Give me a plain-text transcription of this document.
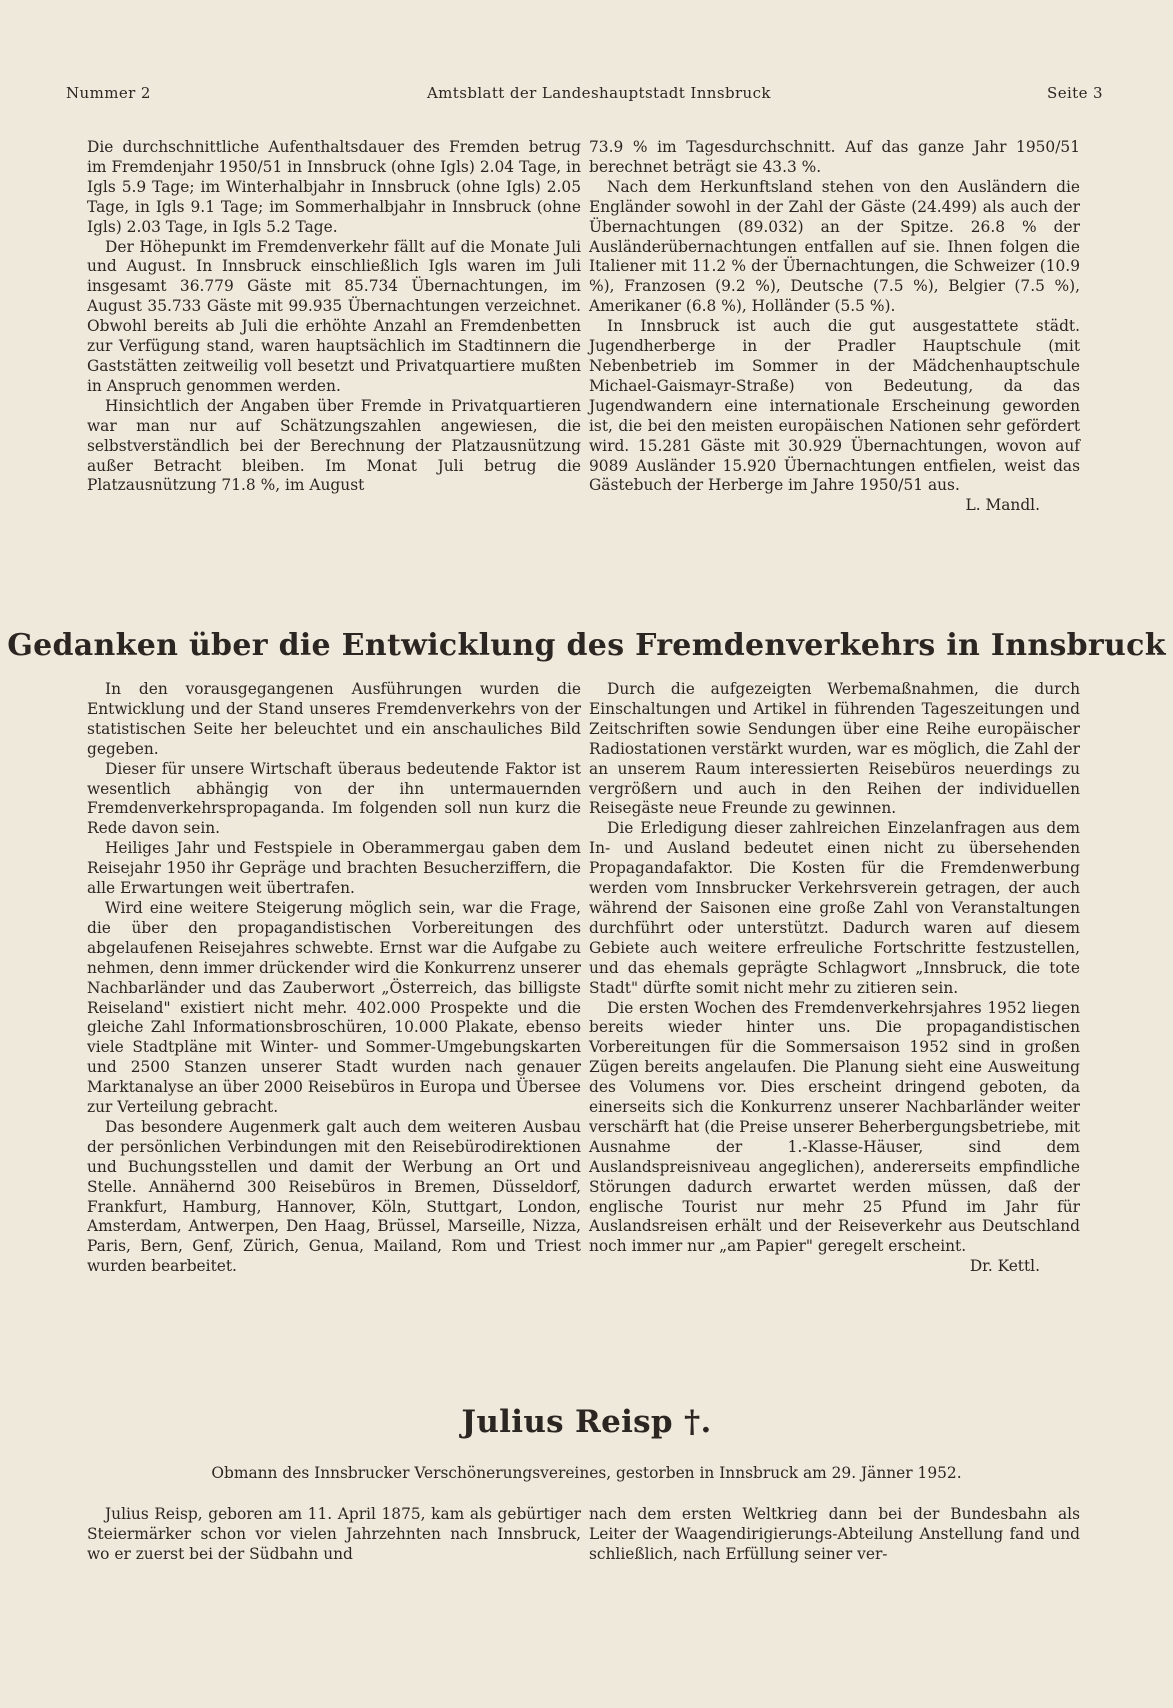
Nummer 2	Amtsblatt der Landeshauptstadt Innsbruck	Seite 3

Die durchschnittliche Aufenthaltsdauer des Fremden betrug im Fremdenjahr 1950/51 in Innsbruck (ohne Igls) 2.04 Tage, in Igls 5.9 Tage; im Winterhalbjahr in Innsbruck (ohne Igls) 2.05 Tage, in Igls 9.1 Tage; im Sommerhalbjahr in Innsbruck (ohne Igls) 2.03 Tage, in Igls 5.2 Tage.

Der Höhepunkt im Fremdenverkehr fällt auf die Monate Juli und August. In Innsbruck einschließlich Igls waren im Juli insgesamt 36.779 Gäste mit 85.734 Übernachtungen, im August 35.733 Gäste mit 99.935 Übernachtungen verzeichnet. Obwohl bereits ab Juli die erhöhte Anzahl an Fremdenbetten zur Verfügung stand, waren hauptsächlich im Stadtinnern die Gaststätten zeitweilig voll besetzt und Privatquartiere mußten in Anspruch genommen werden.

Hinsichtlich der Angaben über Fremde in Privatquartieren war man nur auf Schätzungszahlen angewiesen, die selbstverständlich bei der Berechnung der Platzausnützung außer Betracht bleiben. Im Monat Juli betrug die Platzausnützung 71.8 %, im August

73.9 % im Tagesdurchschnitt. Auf das ganze Jahr 1950/51 berechnet beträgt sie 43.3 %.

Nach dem Herkunftsland stehen von den Ausländern die Engländer sowohl in der Zahl der Gäste (24.499) als auch der Übernachtungen (89.032) an der Spitze. 26.8 % der Ausländerübernachtungen entfallen auf sie. Ihnen folgen die Italiener mit 11.2 % der Übernachtungen, die Schweizer (10.9 %), Franzosen (9.2 %), Deutsche (7.5 %), Belgier (7.5 %), Amerikaner (6.8 %), Holländer (5.5 %).

In Innsbruck ist auch die gut ausgestattete städt. Jugendherberge in der Pradler Hauptschule (mit Nebenbetrieb im Sommer in der Mädchenhauptschule Michael-Gaismayr-Straße) von Bedeutung, da das Jugendwandern eine internationale Erscheinung geworden ist, die bei den meisten europäischen Nationen sehr gefördert wird. 15.281 Gäste mit 30.929 Übernachtungen, wovon auf 9089 Ausländer 15.920 Übernachtungen entfielen, weist das Gästebuch der Herberge im Jahre 1950/51 aus.

L. Mandl.
Gedanken über die Entwicklung des Fremdenverkehrs in Innsbruck

In den vorausgegangenen Ausführungen wurden die Entwicklung und der Stand unseres Fremdenverkehrs von der statistischen Seite her beleuchtet und ein anschauliches Bild gegeben.

Dieser für unsere Wirtschaft überaus bedeutende Faktor ist wesentlich abhängig von der ihn untermauernden Fremdenverkehrspropaganda. Im folgenden soll nun kurz die Rede davon sein.

Heiliges Jahr und Festspiele in Oberammergau gaben dem Reisejahr 1950 ihr Gepräge und brachten Besucherziffern, die alle Erwartungen weit übertrafen.

Wird eine weitere Steigerung möglich sein, war die Frage, die über den propagandistischen Vorbereitungen des abgelaufenen Reisejahres schwebte. Ernst war die Aufgabe zu nehmen, denn immer drückender wird die Konkurrenz unserer Nachbarländer und das Zauberwort „Österreich, das billigste Reiseland" existiert nicht mehr. 402.000 Prospekte und die gleiche Zahl Informationsbroschüren, 10.000 Plakate, ebenso viele Stadtpläne mit Winter- und Sommer-Umgebungskarten und 2500 Stanzen unserer Stadt wurden nach genauer Marktanalyse an über 2000 Reisebüros in Europa und Übersee zur Verteilung gebracht.

Das besondere Augenmerk galt auch dem weiteren Ausbau der persönlichen Verbindungen mit den Reisebürodirektionen und Buchungsstellen und damit der Werbung an Ort und Stelle. Annähernd 300 Reisebüros in Bremen, Düsseldorf, Frankfurt, Hamburg, Hannover, Köln, Stuttgart, London, Amsterdam, Antwerpen, Den Haag, Brüssel, Marseille, Nizza, Paris, Bern, Genf, Zürich, Genua, Mailand, Rom und Triest wurden bearbeitet.

Durch die aufgezeigten Werbemaßnahmen, die durch Einschaltungen und Artikel in führenden Tageszeitungen und Zeitschriften sowie Sendungen über eine Reihe europäischer Radiostationen verstärkt wurden, war es möglich, die Zahl der an unserem Raum interessierten Reisebüros neuerdings zu vergrößern und auch in den Reihen der individuellen Reisegäste neue Freunde zu gewinnen.

Die Erledigung dieser zahlreichen Einzelanfragen aus dem In- und Ausland bedeutet einen nicht zu übersehenden Propagandafaktor. Die Kosten für die Fremdenwerbung werden vom Innsbrucker Verkehrsverein getragen, der auch während der Saisonen eine große Zahl von Veranstaltungen durchführt oder unterstützt. Dadurch waren auf diesem Gebiete auch weitere erfreuliche Fortschritte festzustellen, und das ehemals geprägte Schlagwort „Innsbruck, die tote Stadt" dürfte somit nicht mehr zu zitieren sein.

Die ersten Wochen des Fremdenverkehrsjahres 1952 liegen bereits wieder hinter uns. Die propagandistischen Vorbereitungen für die Sommersaison 1952 sind in großen Zügen bereits angelaufen. Die Planung sieht eine Ausweitung des Volumens vor. Dies erscheint dringend geboten, da einerseits sich die Konkurrenz unserer Nachbarländer weiter verschärft hat (die Preise unserer Beherbergungsbetriebe, mit Ausnahme der 1.-Klasse-Häuser, sind dem Auslandspreisniveau angeglichen), andererseits empfindliche Störungen dadurch erwartet werden müssen, daß der englische Tourist nur mehr 25 Pfund im Jahr für Auslandsreisen erhält und der Reiseverkehr aus Deutschland noch immer nur „am Papier" geregelt erscheint.

Dr. Kettl.
Julius Reisp †.
Obmann des Innsbrucker Verschönerungsvereines, gestorben in Innsbruck am 29. Jänner 1952.

Julius Reisp, geboren am 11. April 1875, kam als gebürtiger Steiermärker schon vor vielen Jahrzehnten nach Innsbruck, wo er zuerst bei der Südbahn und

nach dem ersten Weltkrieg dann bei der Bundesbahn als Leiter der Waagendirigierungs-Abteilung Anstellung fand und schließlich, nach Erfüllung seiner ver-
